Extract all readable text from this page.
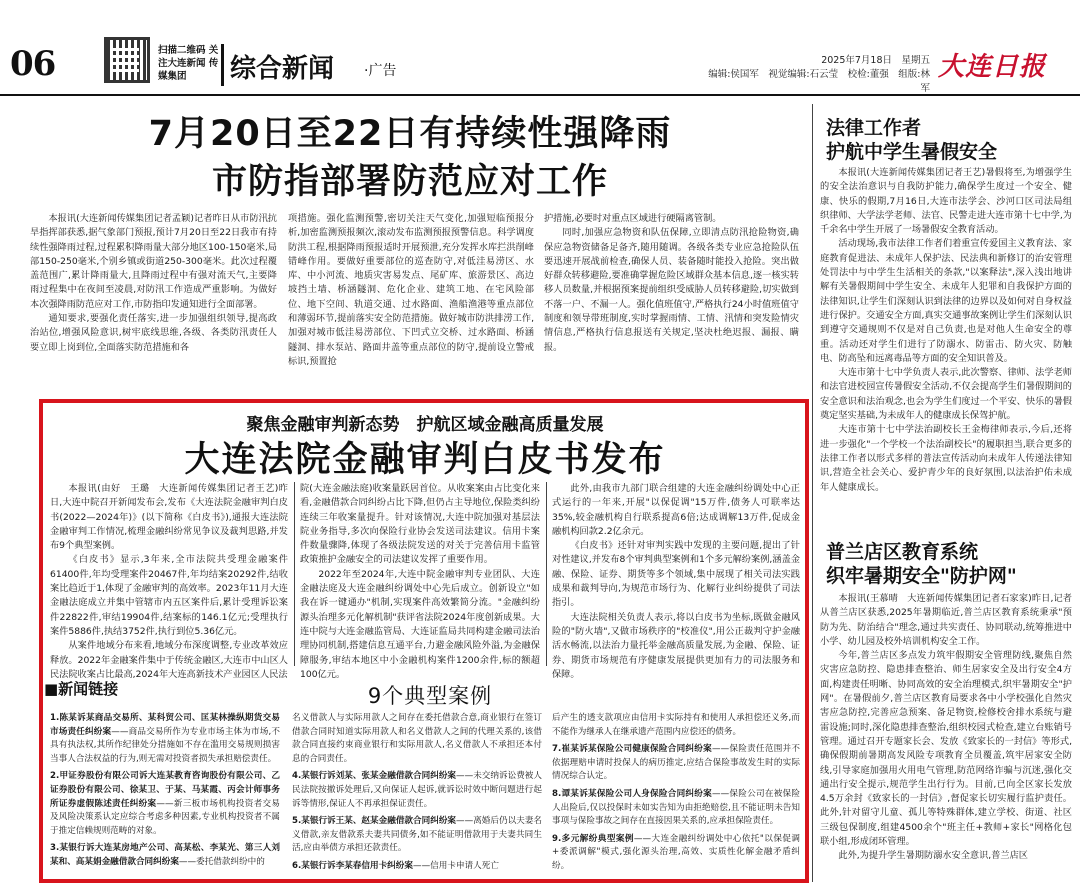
06	扫描二维码 关注大连新闻 传媒集团	综合新闻 ·广告
2025年7月18日　星期五
编辑:侯国军　视觉编辑:石云莹　校检:董强　组版:林军
大连日报
7月20日至22日有持续性强降雨
市防指部署防范应对工作

本报讯(大连新闻传媒集团记者孟颖)记者昨日从市防汛抗旱指挥部获悉,据气象部门预报,预计7月20日至22日我市有持续性强降雨过程,过程累积降雨量大部分地区100-150毫米,局部150-250毫米,个别乡镇或街道250-300毫米。此次过程覆盖范围广,累计降雨量大,且降雨过程中有强对流天气,主要降雨过程集中在夜间至凌晨,对防汛工作造成严重影响。为做好本次强降雨防范应对工作,市防指印发通知进行全面部署。

通知要求,要强化责任落实,进一步加强组织领导,提高政治站位,增强风险意识,树牢底线思维,各级、各类防汛责任人要立即上岗到位,全面落实防范措施和各

项措施。强化监测预警,密切关注天气变化,加强短临预报分析,加密监测预报频次,滚动发布监测预报预警信息。科学调度防洪工程,根据降雨预报适时开展预泄,充分发挥水库拦洪削峰错峰作用。要做好重要部位的巡查防守,对低洼易涝区、水库、中小河流、地质灾害易发点、尾矿库、旅游景区、高边坡挡土墙、桥涵隧洞、危化企业、建筑工地、在宅风险部位、地下空间、轨道交通、过水路面、渔船渔港等重点部位和薄弱环节,提前落实安全防范措施。做好城市防洪排涝工作,加强对城市低洼易涝部位、下凹式立交桥、过水路面、桥涵隧洞、排水泵站、路面井盖等重点部位的防守,提前设立警戒标识,预置抢

护措施,必要时对重点区域进行硬隔离管制。

同时,加强应急物资和队伍保障,立即清点防汛抢险物资,确保应急物资储备足备齐,随用随调。各级各类专业应急抢险队伍要迅速开展战前检查,确保人员、装备随时能投入抢险。突出做好群众转移避险,要准确掌握危险区域群众基本信息,逐一核实转移人员数量,并根据预案提前组织受威胁人员转移避险,切实做到不落一户、不漏一人。强化值班值守,严格执行24小时值班值守制度和领导带班制度,实时掌握雨情、工情、汛情和突发险情灾情信息,严格执行信息报送有关规定,坚决杜绝迟报、漏报、瞒报。

聚焦金融审判新态势　护航区域金融高质量发展
大连法院金融审判白皮书发布

本报讯(由好　王璐　大连新闻传媒集团记者王艺)昨日,大连中院召开新闻发布会,发布《大连法院金融审判白皮书(2022—2024年)》(以下简称《白皮书》),通报大连法院金融审判工作情况,梳理金融纠纷常见争议及裁判思路,并发布9个典型案例。

《白皮书》显示,3年来,全市法院共受理金融案件61400件,年均受理案件20467件,年均结案20292件,结收案比趋近于1,体现了金融审判的高效率。2023年11月大连金融法庭成立并集中管辖市内五区案件后,累计受理诉讼案件22822件,审结19904件,结案标的146.1亿元;受理执行案件5886件,执结3752件,执行到位5.36亿元。

从案件地域分布来看,地域分布深度调整,专业改革效应释放。2022年金融案件集中于传统金融区,大连市中山区人民法院收案占比最高,2024年大连高新技术产业园区人民法

院(大连金融法庭)收案量跃居首位。从收案案由占比变化来看,金融借款合同纠纷占比下降,但仍占主导地位,保险类纠纷连续三年收案量提升。针对该情况,大连中院加强对基层法院业务指导,多次向保险行业协会发送司法建议。信用卡案件数量骤降,体现了各级法院发送的对关于完善信用卡监管政策推护金融安全的司法建议发挥了重要作用。

2022年至2024年,大连中院金融审判专业团队、大连金融法庭及大连金融纠纷调处中心先后成立。创新设立"如我在诉一键通办"机制,实现案件高效繁简分流。"金融纠纷源头治理多元化解机制"获评省法院2024年度创新成果。大连中院与大连金融监管局、大连证监局共同构建金融司法治理协同机制,搭建信息互通平台,力避金融风险外溢,为金融保障服务,审结本地区中小金融机构案件1200余件,标的额超100亿元。

此外,由我市九部门联合组建的大连金融纠纷调处中心正式运行的一年来,开展"以保促调"15万件,债务人可联率达35%,较金融机构自行联系提高6倍;达成调解13万件,促成金融机构回款2.2亿余元。

《白皮书》还针对审判实践中发现的主要问题,提出了针对性建议,并发布8个审判典型案例和1个多元解纷案例,涵盖金融、保险、证券、期货等多个领域,集中展现了相关司法实践成果和裁判导向,为规范市场行为、化解行业纠纷提供了司法指引。

大连法院相关负责人表示,将以白皮书为坐标,既做金融风险的"防火墙",又做市场秩序的"校准仪",用公正裁判守护金融活水畅流,以法治力量托举金融高质量发展,为金融、保险、证券、期货市场规范有序健康发展提供更加有力的司法服务和保障。

■新闻链接	9个典型案例

1.陈某诉某商品交易所、某科贸公司、匡某林操纵期货交易市场责任纠纷案——商品交易所作为专业市场主体为市场,不具有执法权,其所作纪律处分措施如不存在滥用交易规则损害当事人合法权益的行为,则无需对投资者损失承担赔偿责任。

2.甲证券股份有限公司诉大连某教育咨询股份有限公司、乙证券股份有限公司、徐某卫、于某、马某霞、丙会计师事务所证券虚假陈述责任纠纷案——新三板市场机构投资者交易及风险决策系认定应综合考虑多种因素,专业机构投资者不属于推定信赖规则范畴的对象。

3.某银行诉大连某房地产公司、高某松、李某光、第三人刘某和、高某娟金融借款合同纠纷案——委托借款纠纷中的

名义借款人与实际用款人之间存在委托借款合意,商业银行在签订借款合同时知道实际用款人和名义借款人之间的代理关系的,该借款合同直接约束商业银行和实际用款人,名义借款人不承担还本付息的合同责任。

4.某银行诉刘某、张某金融借款合同纠纷案——未交纳诉讼费被人民法院按撤诉处理后,又向保证人起诉,就诉讼时效中断问题进行起诉等情形,保证人不再承担保证责任。

5.某银行诉王某、赵某金融借款合同纠纷案——离婚后仍以夫妻名义借款,亲友借款系夫妻共同债务,如不能证明借款用于夫妻共同生活,应由举债方承担还款责任。

6.某银行诉李某春信用卡纠纷案——信用卡申请人死亡

后产生的透支款项应由信用卡实际持有和使用人承担偿还义务,而不能作为继承人在继承遗产范围内应偿还的债务。

7.崔某诉某保险公司健康保险合同纠纷案——保险责任范围并不依据理赔申请时投保人的病历推定,应结合保险事故发生时的实际情况综合认定。

8.谭某诉某保险公司人身保险合同纠纷案——保险公司在被保险人出险后,仅以投保时未如实告知为由拒绝赔偿,且不能证明未告知事项与保险事故之间存在直接因果关系的,应承担保险责任。

9.多元解纷典型案例——大连金融纠纷调处中心依托"以保促调+委派调解"模式,强化源头治理,高效、实质性化解金融矛盾纠纷。

法律工作者
护航中学生暑假安全

本报讯(大连新闻传媒集团记者王艺)暑假将至,为增强学生的安全法治意识与自我防护能力,确保学生度过一个安全、健康、快乐的假期,7月16日,大连市法学会、沙河口区司法局组织律师、大学法学老师、法官、民警走进大连市第十七中学,为千余名中学生开展了一场暑假安全教育活动。

活动现场,我市法律工作者们着重宣传爱国主义教育法、家庭教育促进法、未成年人保护法、民法典和新修订的治安管理处罚法中与中学生生活相关的条款,"以案释法",深入浅出地讲解有关暑假期间中学生安全、未成年人犯罪和自我保护方面的法律知识,让学生们深刻认识到法律的边界以及如何对自身权益进行保护。交通安全方面,真实交通事故案例让学生们深刻认识到遵守交通规则不仅是对自己负责,也是对他人生命安全的尊重。活动还对学生们进行了防溺水、防雷击、防火灾、防触电、防高坠和远离毒品等方面的安全知识普及。

大连市第十七中学负责人表示,此次警察、律师、法学老师和法官进校园宣传暑假安全活动,不仅会提高学生们暑假期间的安全意识和法治观念,也会为学生们度过一个平安、快乐的暑假奠定坚实基础,为未成年人的健康成长保驾护航。

大连市第十七中学法治副校长王金梅律师表示,今后,还将进一步强化"一个学校一个法治副校长"的履职担当,联合更多的法律工作者以形式多样的普法宣传活动向未成年人传递法律知识,营造全社会关心、爱护青少年的良好氛围,以法治护佑未成年人健康成长。

普兰店区教育系统
织牢暑期安全"防护网"

本报讯(王慕晴　大连新闻传媒集团记者石家家)昨日,记者从普兰店区获悉,2025年暑期临近,普兰店区教育系统秉承"预防为先、防治结合"理念,通过共实责任、协同联动,统筹推进中小学、幼儿园及校外培训机构安全工作。

今年,普兰店区多点发力筑牢假期安全管理防线,聚焦自然灾害应急防控、隐患排查整治、师生居家安全及出行安全4方面,构建责任明晰、协同高效的安全治理模式,织牢暑期安全"护网"。在暑假前夕,普兰店区教育局要求各中小学校强化自然灾害应急防控,完善应急预案、备足物资,检修校舍排水系统与避雷设施;同时,深化隐患排查整治,组织校园式检查,建立台账销号管理。通过召开专题家长会、发放《致家长的一封信》等形式,确保假期前暑期高发风险专项教育全员覆盖,筑牢居家安全防线,引导家庭加强用火用电气管理,防范网络诈骗与沉迷,强化交通出行安全提示,规范学生出行行为。目前,已向全区家长发放4.5万余封《致家长的一封信》,督促家长切实履行监护责任。此外,针对留守儿童、孤儿等特殊群体,建立学校、街道、社区三级包保制度,组建4500余个"班主任+教师+家长"网格化包联小组,形成闭环管理。

此外,为提升学生暑期防溺水安全意识,普兰店区
